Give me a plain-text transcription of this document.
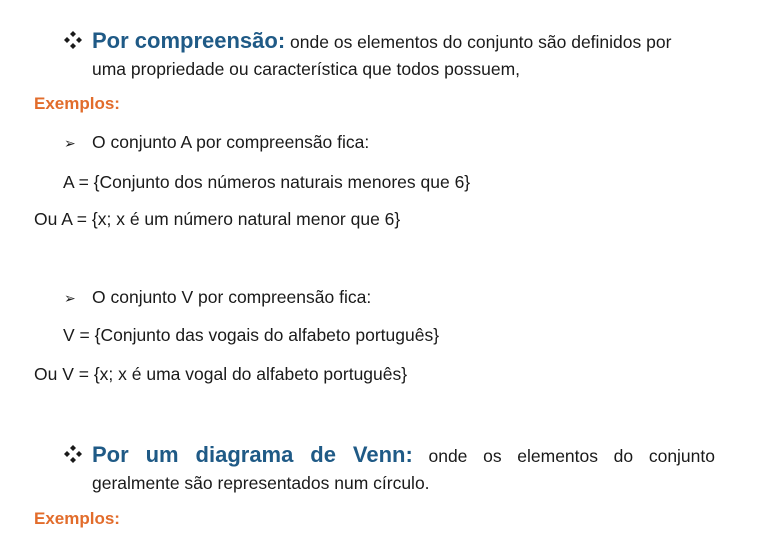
Por compreensão: onde os elementos do conjunto são definidos por
uma propriedade ou característica que todos possuem,
Exemplos:
➢ O conjunto A por compreensão fica:
A = {Conjunto dos números naturais menores que 6}
Ou A = {x; x é um número natural menor que 6}
➢ O conjunto V por compreensão fica:
V = {Conjunto das vogais do alfabeto português}
Ou V = {x; x é uma vogal do alfabeto português}
Por um diagrama de Venn: onde os elementos do conjunto
geralmente são representados num círculo.
Exemplos:
